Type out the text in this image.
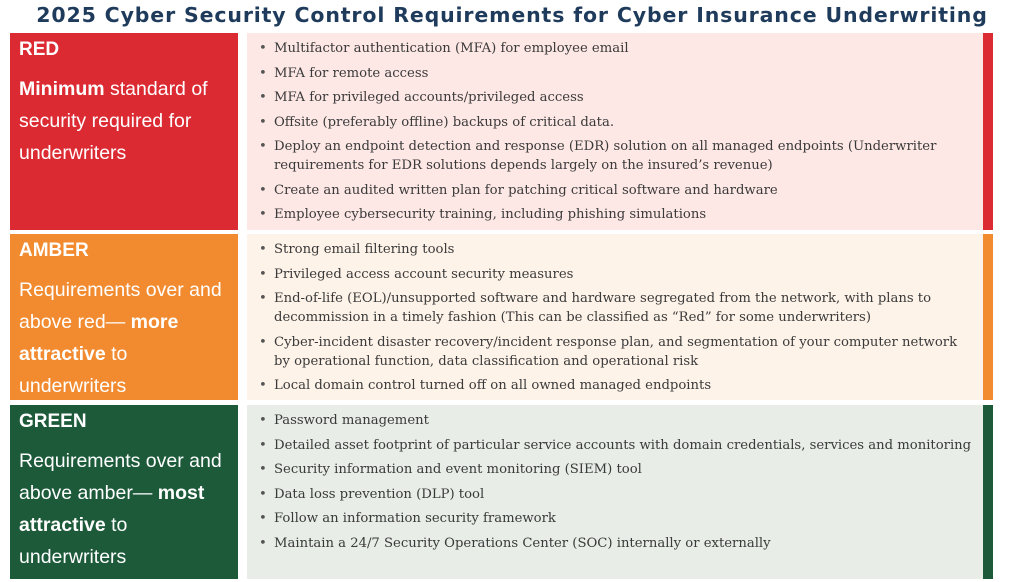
2025 Cyber Security Control Requirements for Cyber Insurance Underwriting
RED
Minimum standard of security required for underwriters
• Multifactor authentication (MFA) for employee email
• MFA for remote access
• MFA for privileged accounts/privileged access
• Offsite (preferably offline) backups of critical data.
• Deploy an endpoint detection and response (EDR) solution on all managed endpoints (Underwriter requirements for EDR solutions depends largely on the insured’s revenue)
• Create an audited written plan for patching critical software and hardware
• Employee cybersecurity training, including phishing simulations
AMBER
Requirements over and above red— more attractive to underwriters
• Strong email filtering tools
• Privileged access account security measures
• End-of-life (EOL)/unsupported software and hardware segregated from the network, with plans to decommission in a timely fashion (This can be classified as “Red” for some underwriters)
• Cyber-incident disaster recovery/incident response plan, and segmentation of your computer network by operational function, data classification and operational risk
• Local domain control turned off on all owned managed endpoints
GREEN
Requirements over and above amber— most attractive to underwriters
• Password management
• Detailed asset footprint of particular service accounts with domain credentials, services and monitoring
• Security information and event monitoring (SIEM) tool
• Data loss prevention (DLP) tool
• Follow an information security framework
• Maintain a 24/7 Security Operations Center (SOC) internally or externally
